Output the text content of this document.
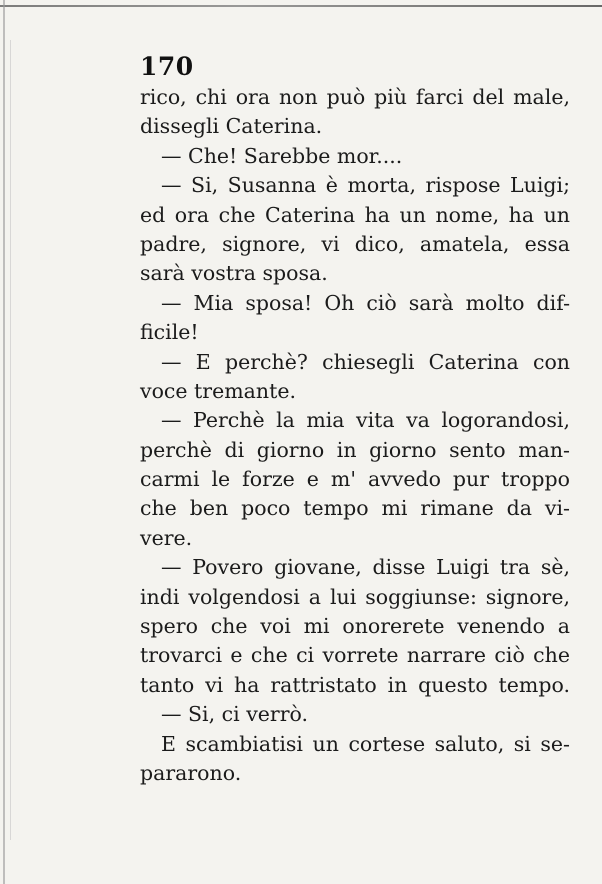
170
rico, chi ora non può più farci del male,
dissegli Caterina.
— Che! Sarebbe mor....
— Si, Susanna è morta, rispose Luigi;
ed ora che Caterina ha un nome, ha un
padre, signore, vi dico, amatela, essa
sarà vostra sposa.
— Mia sposa! Oh ciò sarà molto dif-
ficile!
— E perchè? chiesegli Caterina con
voce tremante.
— Perchè la mia vita va logorandosi,
perchè di giorno in giorno sento man-
carmi le forze e m' avvedo pur troppo
che ben poco tempo mi rimane da vi-
vere.
— Povero giovane, disse Luigi tra sè,
indi volgendosi a lui soggiunse: signore,
spero che voi mi onorerete venendo a
trovarci e che ci vorrete narrare ciò che
tanto vi ha rattristato in questo tempo.
— Si, ci verrò.
E scambiatisi un cortese saluto, si se-
pararono.
